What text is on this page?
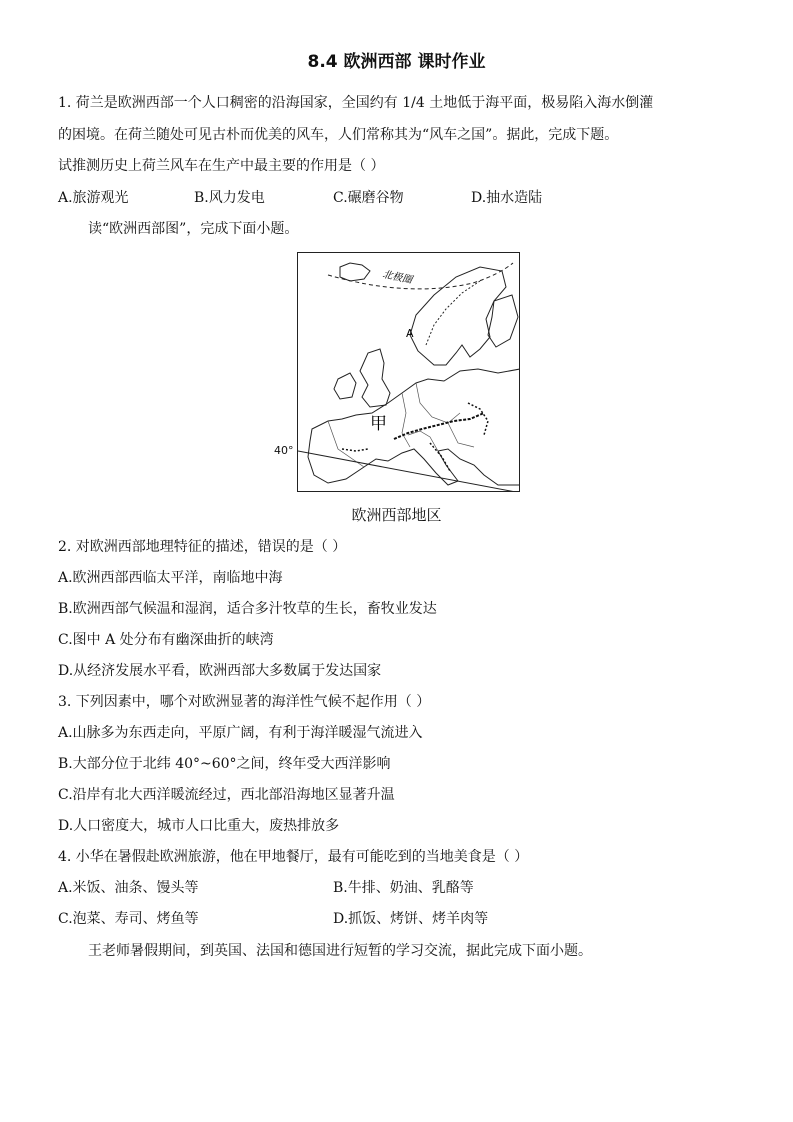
8.4 欧洲西部 课时作业
1. 荷兰是欧洲西部一个人口稠密的沿海国家，全国约有 1/4 土地低于海平面，极易陷入海水倒灌
的困境。在荷兰随处可见古朴而优美的风车，人们常称其为“风车之国”。据此，完成下题。
试推测历史上荷兰风车在生产中最主要的作用是（ ）
A.旅游观光	B.风力发电	C.碾磨谷物	D.抽水造陆
读“欧洲西部图”，完成下面小题。
北极圈
A
甲
40°
欧洲西部地区
2. 对欧洲西部地理特征的描述，错误的是（ ）
A.欧洲西部西临太平洋，南临地中海
B.欧洲西部气候温和湿润，适合多汁牧草的生长，畜牧业发达
C.图中 A 处分布有幽深曲折的峡湾
D.从经济发展水平看，欧洲西部大多数属于发达国家
3. 下列因素中，哪个对欧洲显著的海洋性气候不起作用（ ）
A.山脉多为东西走向，平原广阔，有利于海洋暖湿气流进入
B.大部分位于北纬 40°~60°之间，终年受大西洋影响
C.沿岸有北大西洋暖流经过，西北部沿海地区显著升温
D.人口密度大，城市人口比重大，废热排放多
4. 小华在暑假赴欧洲旅游，他在甲地餐厅，最有可能吃到的当地美食是（ ）
A.米饭、油条、馒头等	B.牛排、奶油、乳酪等
C.泡菜、寿司、烤鱼等	D.抓饭、烤饼、烤羊肉等
王老师暑假期间，到英国、法国和德国进行短暂的学习交流，据此完成下面小题。
